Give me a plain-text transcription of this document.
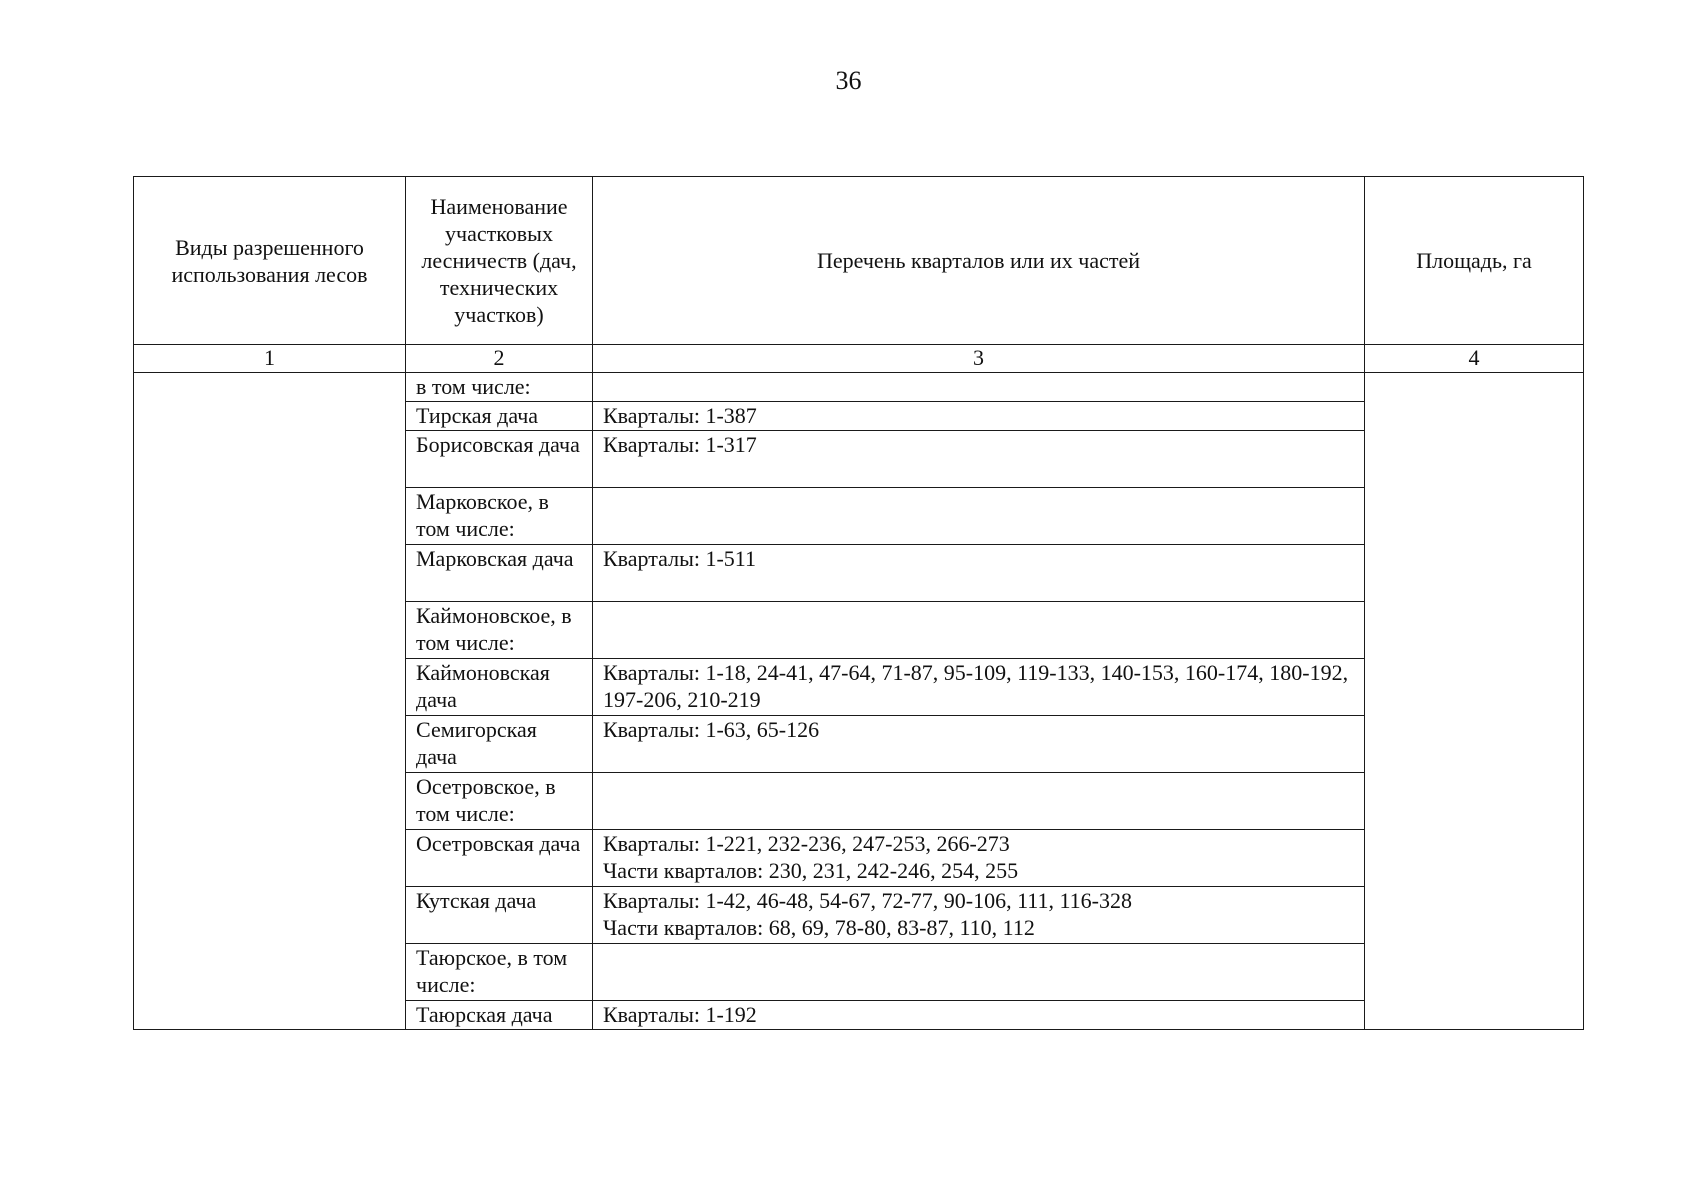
36
Виды разрешенного использования лесов	Наименование участковых лесничеств (дач, технических участков)	Перечень кварталов или их частей	Площадь, га
1	2	3	4
	в том числе:		
	Тирская дача	Кварталы: 1-387	
	Борисовская дача	Кварталы: 1-317	
	Марковское, в том числе:		
	Марковская дача	Кварталы: 1-511	
	Каймоновское, в том числе:		
	Каймоновская дача	Кварталы: 1-18, 24-41, 47-64, 71-87, 95-109, 119-133, 140-153, 160-174, 180-192, 197-206, 210-219	
	Семигорская дача	Кварталы: 1-63, 65-126	
	Осетровское, в том числе:		
	Осетровская дача	Кварталы: 1-221, 232-236, 247-253, 266-273
Части кварталов: 230, 231, 242-246, 254, 255	

	Кутская дача	Кварталы: 1-42, 46-48, 54-67, 72-77, 90-106, 111, 116-328
Части кварталов: 68, 69, 78-80, 83-87, 110, 112	

	Таюрское, в том числе:		
	Таюрская дача	Кварталы: 1-192	
